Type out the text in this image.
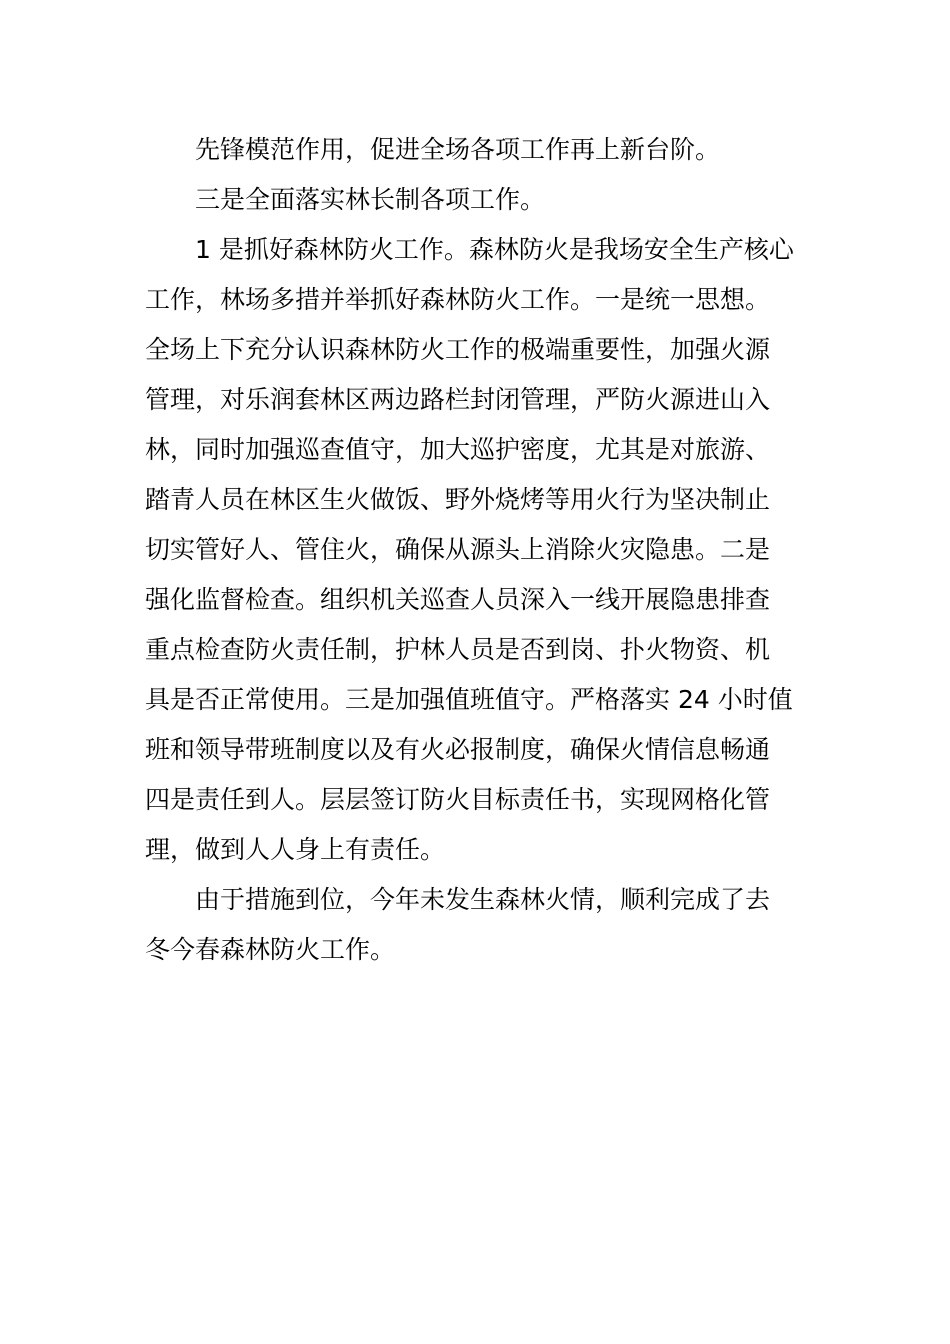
先锋模范作用，促进全场各项工作再上新台阶。
三是全面落实林长制各项工作。
1 是抓好森林防火工作。森林防火是我场安全生产核心
工作，林场多措并举抓好森林防火工作。一是统一思想。
全场上下充分认识森林防火工作的极端重要性，加强火源
管理，对乐润套林区两边路栏封闭管理，严防火源进山入
林，同时加强巡查值守，加大巡护密度，尤其是对旅游、
踏青人员在林区生火做饭、野外烧烤等用火行为坚决制止
切实管好人、管住火，确保从源头上消除火灾隐患。二是
强化监督检查。组织机关巡查人员深入一线开展隐患排查
重点检查防火责任制，护林人员是否到岗、扑火物资、机
具是否正常使用。三是加强值班值守。严格落实 24 小时值
班和领导带班制度以及有火必报制度，确保火情信息畅通
四是责任到人。层层签订防火目标责任书，实现网格化管
理，做到人人身上有责任。
由于措施到位，今年未发生森林火情，顺利完成了去
冬今春森林防火工作。
